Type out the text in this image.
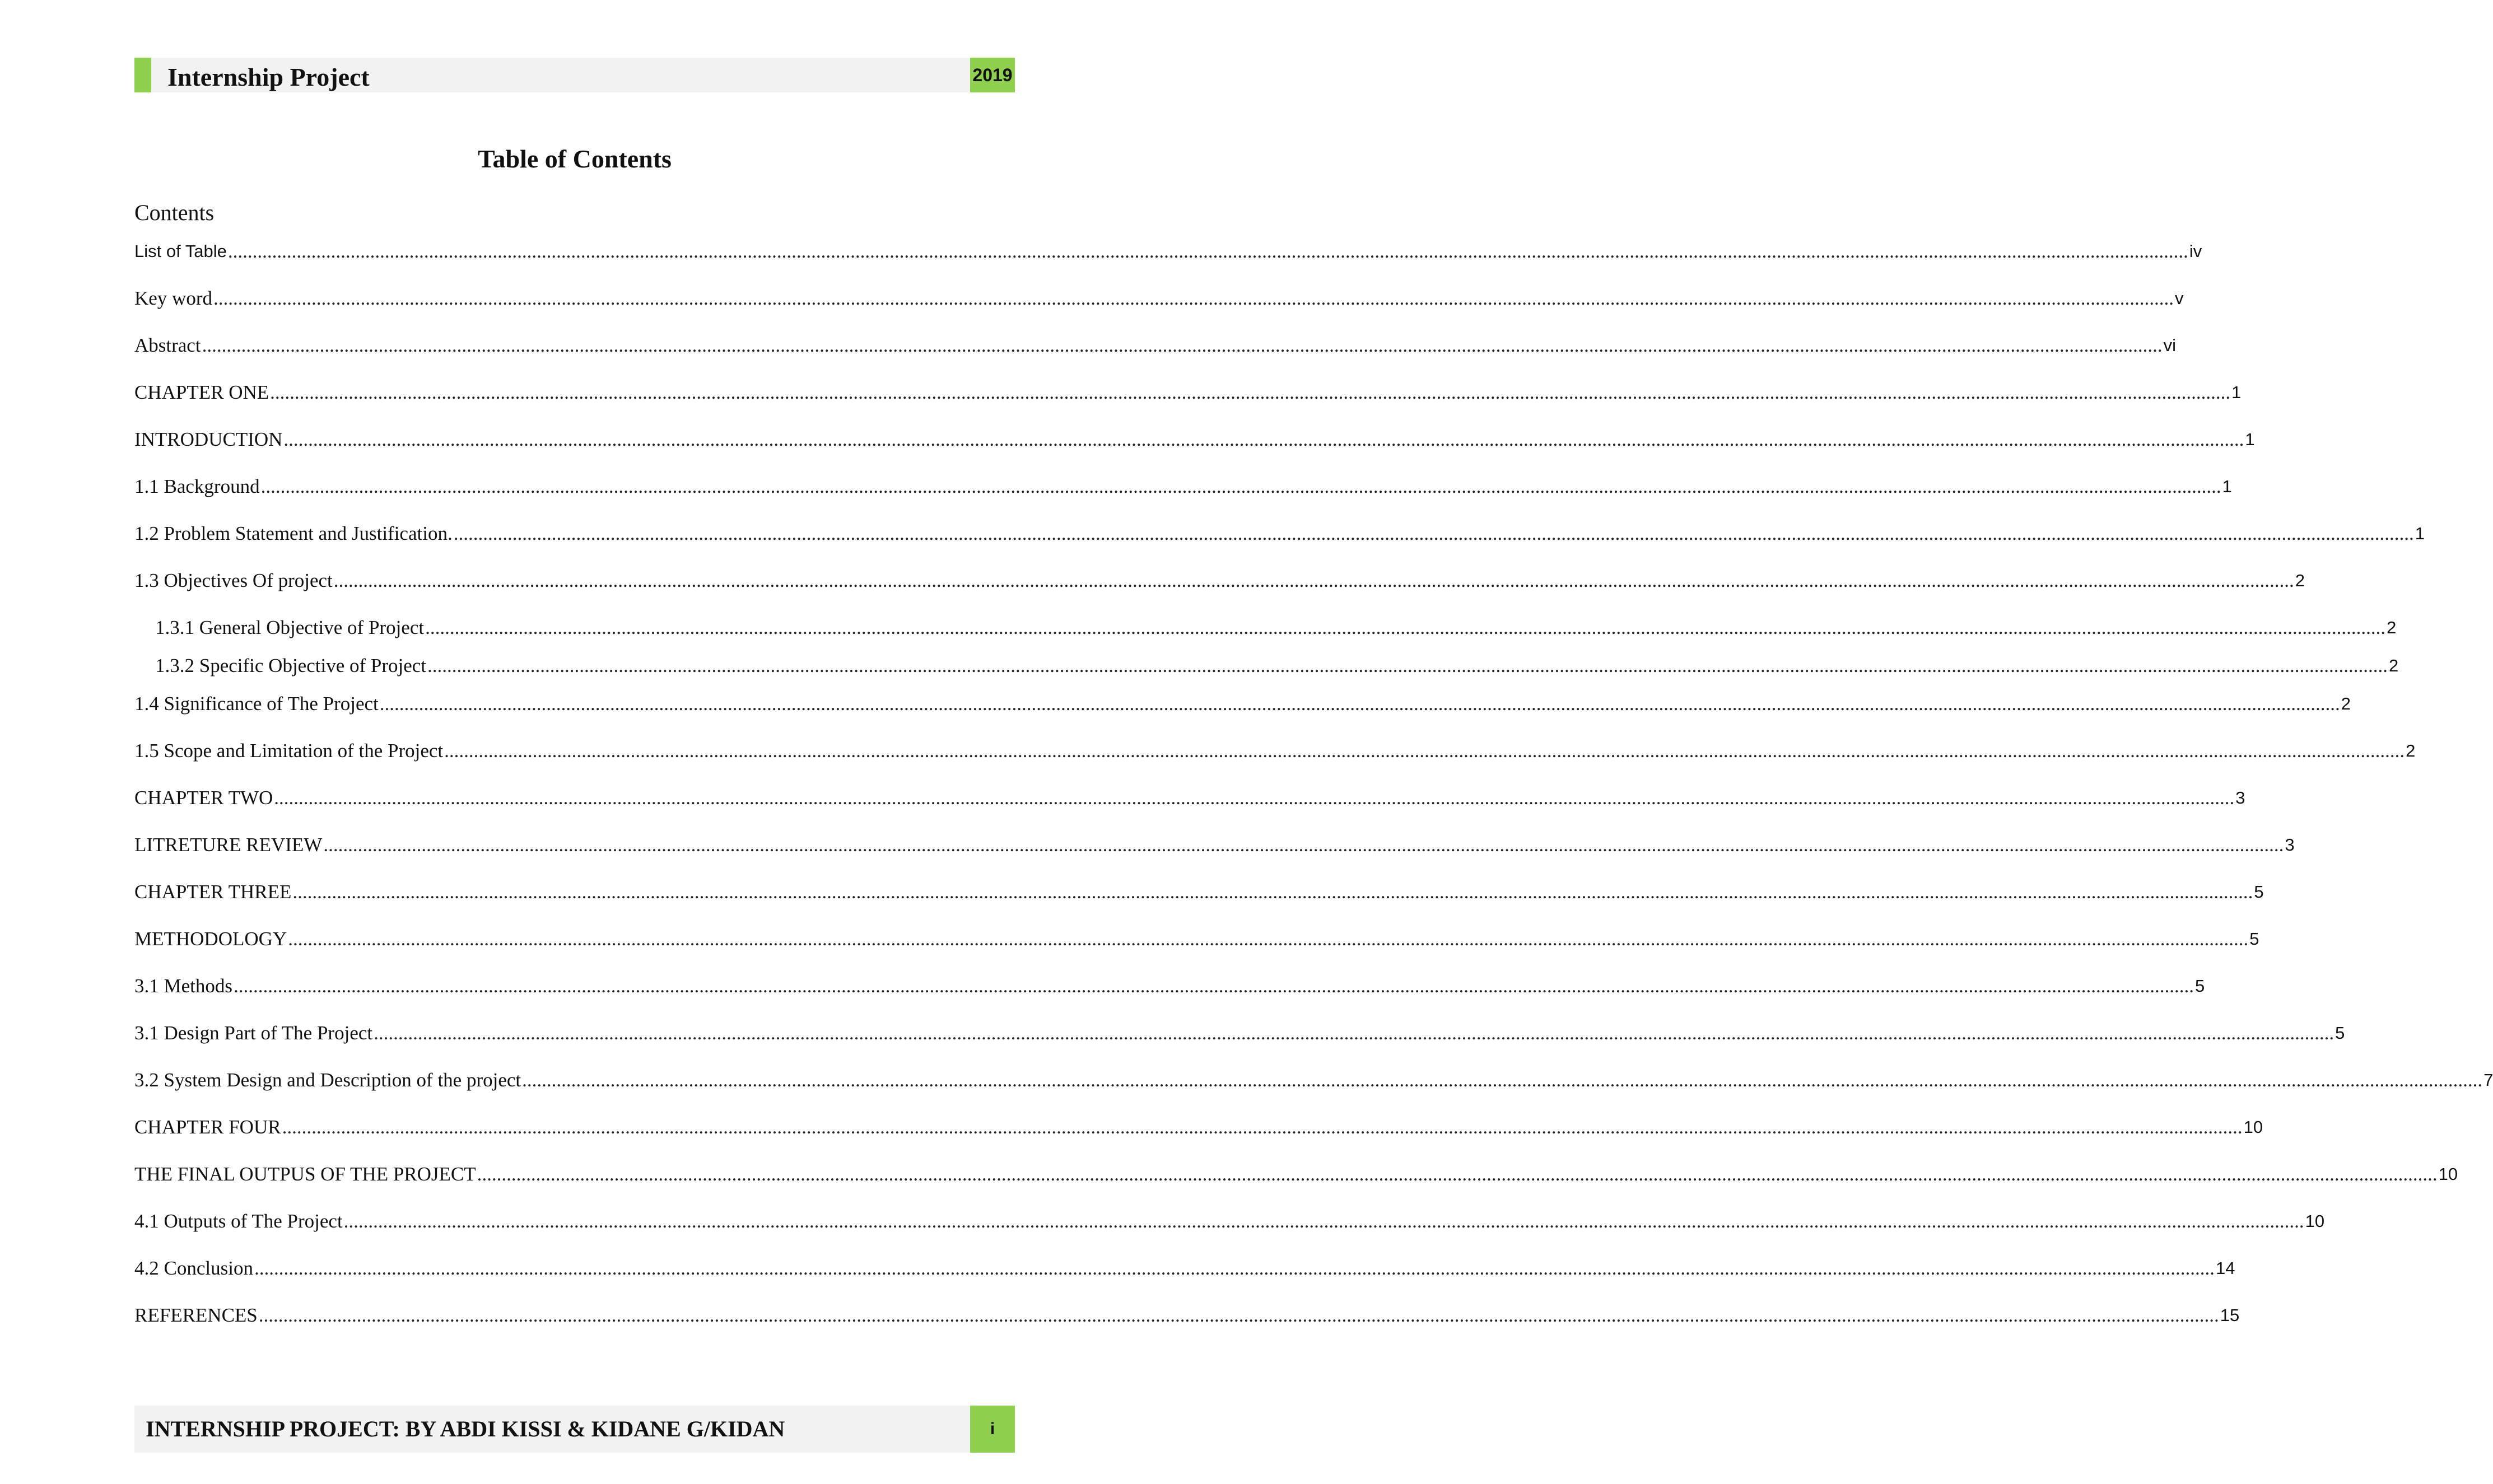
Internship Project	2019
Table of Contents
Contents
List of Table ................................................................................................................................................................................................................................................................................................................................................................................................................ iv
Key word ................................................................................................................................................................................................................................................................................................................................................................................................................ v
Abstract ................................................................................................................................................................................................................................................................................................................................................................................................................ vi
CHAPTER ONE ................................................................................................................................................................................................................................................................................................................................................................................................................ 1
INTRODUCTION ................................................................................................................................................................................................................................................................................................................................................................................................................ 1
1.1 Background ................................................................................................................................................................................................................................................................................................................................................................................................................ 1
1.2 Problem Statement and Justification. ................................................................................................................................................................................................................................................................................................................................................................................................................ 1
1.3 Objectives Of project ................................................................................................................................................................................................................................................................................................................................................................................................................ 2
1.3.1 General Objective of Project ................................................................................................................................................................................................................................................................................................................................................................................................................ 2
1.3.2 Specific Objective of Project ................................................................................................................................................................................................................................................................................................................................................................................................................ 2
1.4 Significance of The Project ................................................................................................................................................................................................................................................................................................................................................................................................................ 2
1.5 Scope and Limitation of the Project ................................................................................................................................................................................................................................................................................................................................................................................................................ 2
CHAPTER TWO ................................................................................................................................................................................................................................................................................................................................................................................................................ 3
LITRETURE REVIEW ................................................................................................................................................................................................................................................................................................................................................................................................................ 3
CHAPTER THREE ................................................................................................................................................................................................................................................................................................................................................................................................................ 5
METHODOLOGY ................................................................................................................................................................................................................................................................................................................................................................................................................ 5
3.1 Methods ................................................................................................................................................................................................................................................................................................................................................................................................................ 5
3.1 Design Part of The Project ................................................................................................................................................................................................................................................................................................................................................................................................................ 5
3.2 System Design and Description of the project ................................................................................................................................................................................................................................................................................................................................................................................................................ 7
CHAPTER FOUR ................................................................................................................................................................................................................................................................................................................................................................................................................ 10
THE FINAL OUTPUS OF THE PROJECT ................................................................................................................................................................................................................................................................................................................................................................................................................ 10
4.1 Outputs of The Project ................................................................................................................................................................................................................................................................................................................................................................................................................ 10
4.2 Conclusion ................................................................................................................................................................................................................................................................................................................................................................................................................ 14
REFERENCES ................................................................................................................................................................................................................................................................................................................................................................................................................ 15
INTERNSHIP PROJECT: BY ABDI KISSI & KIDANE G/KIDAN	i
